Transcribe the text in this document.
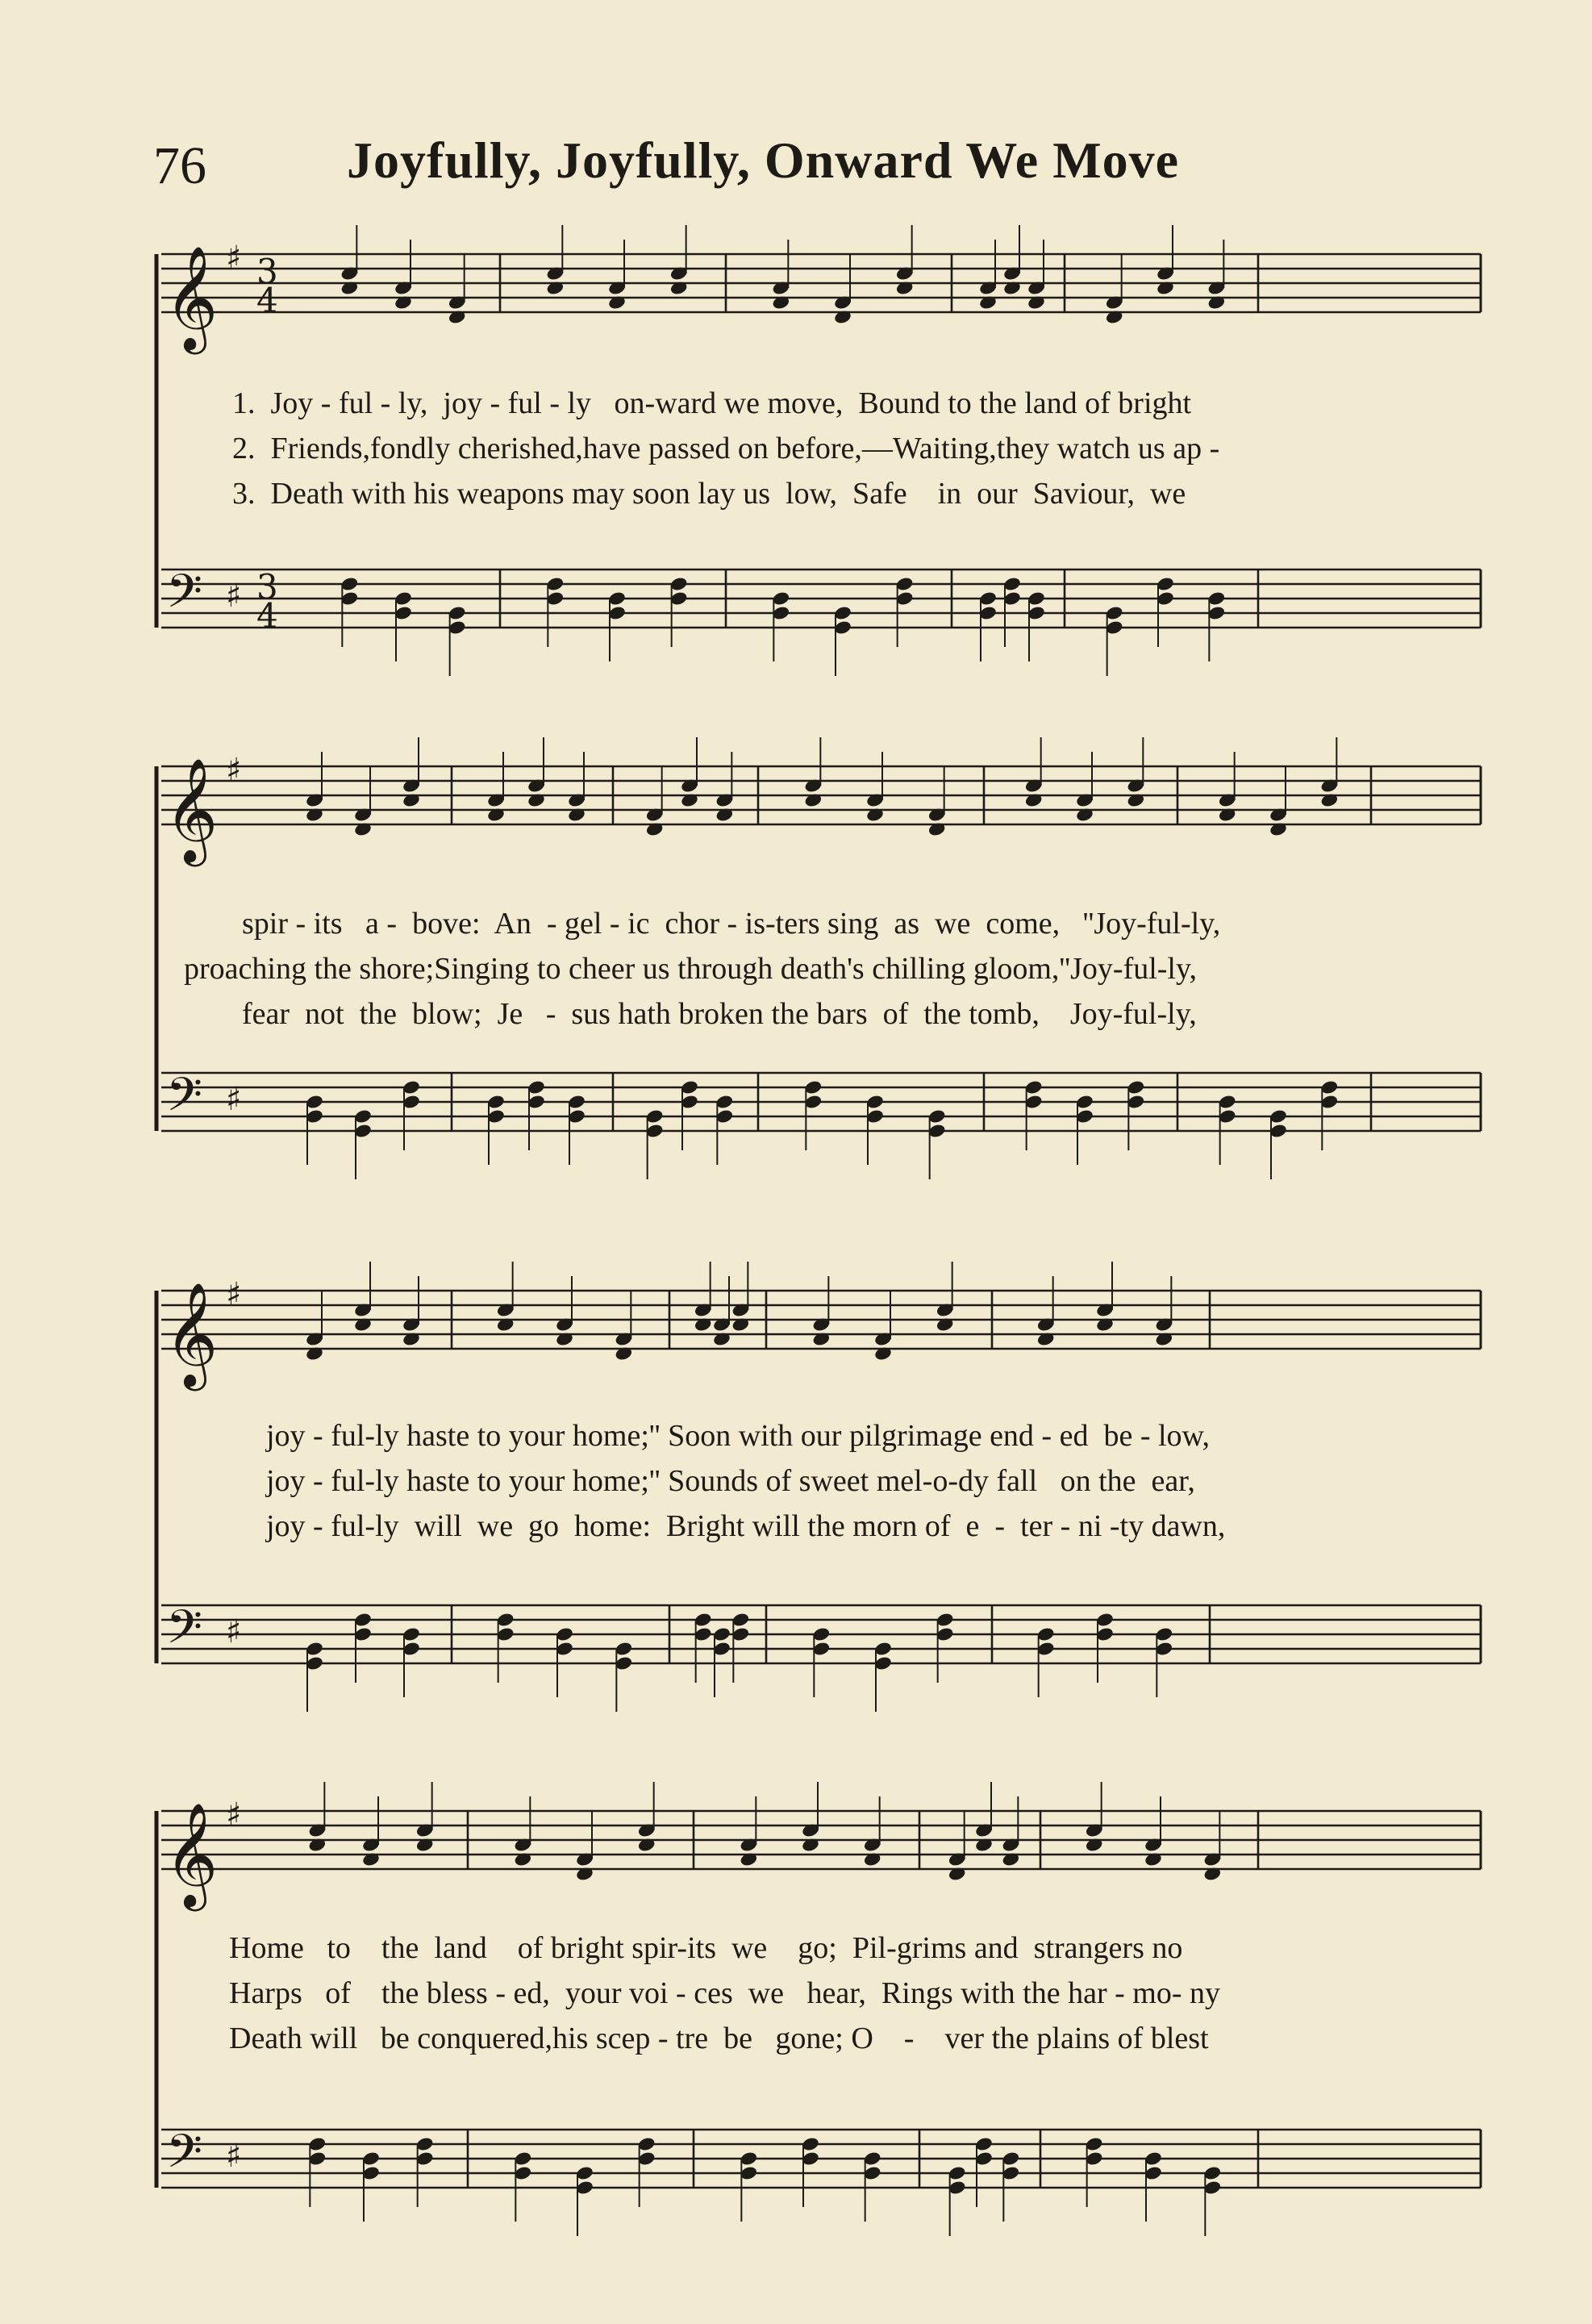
76	Joyfully, Joyfully, Onward We Move
1.  Joy - ful - ly,  joy - ful - ly   on-ward we move,  Bound to the land of bright
2.  Friends,fondly cherished,have passed on before,—Waiting,they watch us ap -
3.  Death with his weapons may soon lay us  low,  Safe    in  our  Saviour,  we
spir - its   a -  bove:  An  - gel - ic  chor - is-ters sing  as  we  come,   ''Joy-ful-ly,
proaching the shore;Singing to cheer us through death's chilling gloom,''Joy-ful-ly,
fear  not  the  blow;  Je   -  sus hath broken the bars  of  the tomb,    Joy-ful-ly,
joy - ful-ly haste to your home;'' Soon with our pilgrimage end - ed  be - low,
joy - ful-ly haste to your home;'' Sounds of sweet mel-o-dy fall   on the  ear,
joy - ful-ly  will  we  go  home:  Bright will the morn of  e  -  ter - ni -ty dawn,
Home   to    the  land    of bright spir-its  we    go;  Pil-grims and  strangers no
Harps   of    the bless - ed,  your voi - ces  we   hear,  Rings with the har - mo- ny
Death will   be conquered,his scep - tre  be   gone; O    -    ver the plains of blest
𝄞 ♯ 3
4
𝄢 ♯ 3
4
𝄞 ♯
𝄢 ♯
𝄞 ♯
𝄢 ♯
𝄞 ♯
𝄢 ♯
